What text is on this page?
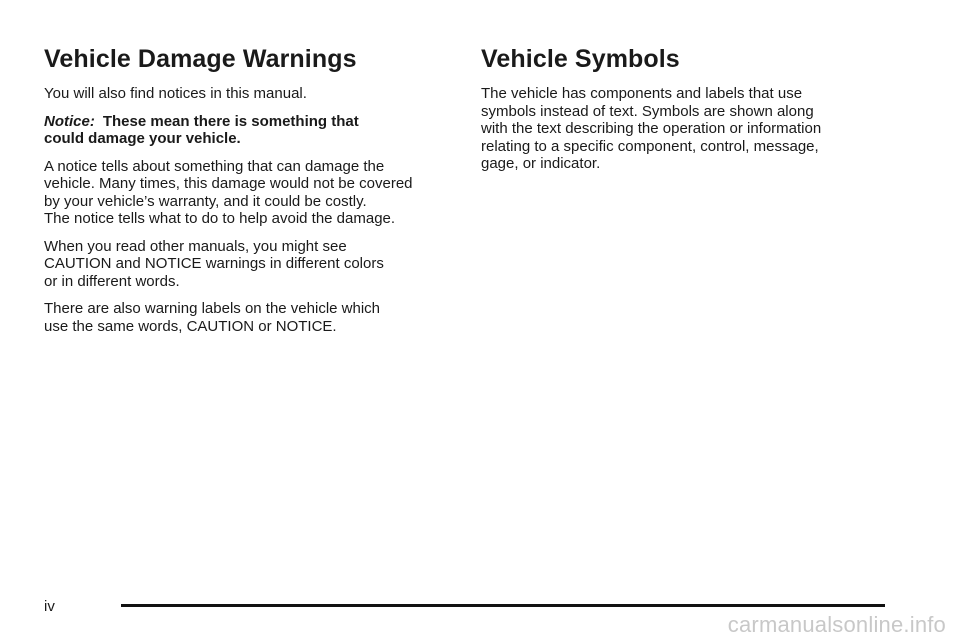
Vehicle Damage Warnings

You will also find notices in this manual.

Notice: These mean there is something that
could damage your vehicle.

A notice tells about something that can damage the
vehicle. Many times, this damage would not be covered
by your vehicle’s warranty, and it could be costly.
The notice tells what to do to help avoid the damage.

When you read other manuals, you might see
CAUTION and NOTICE warnings in different colors
or in different words.

There are also warning labels on the vehicle which
use the same words, CAUTION or NOTICE.

Vehicle Symbols

The vehicle has components and labels that use
symbols instead of text. Symbols are shown along
with the text describing the operation or information
relating to a specific component, control, message,
gage, or indicator.

iv
carmanualsonline.info
